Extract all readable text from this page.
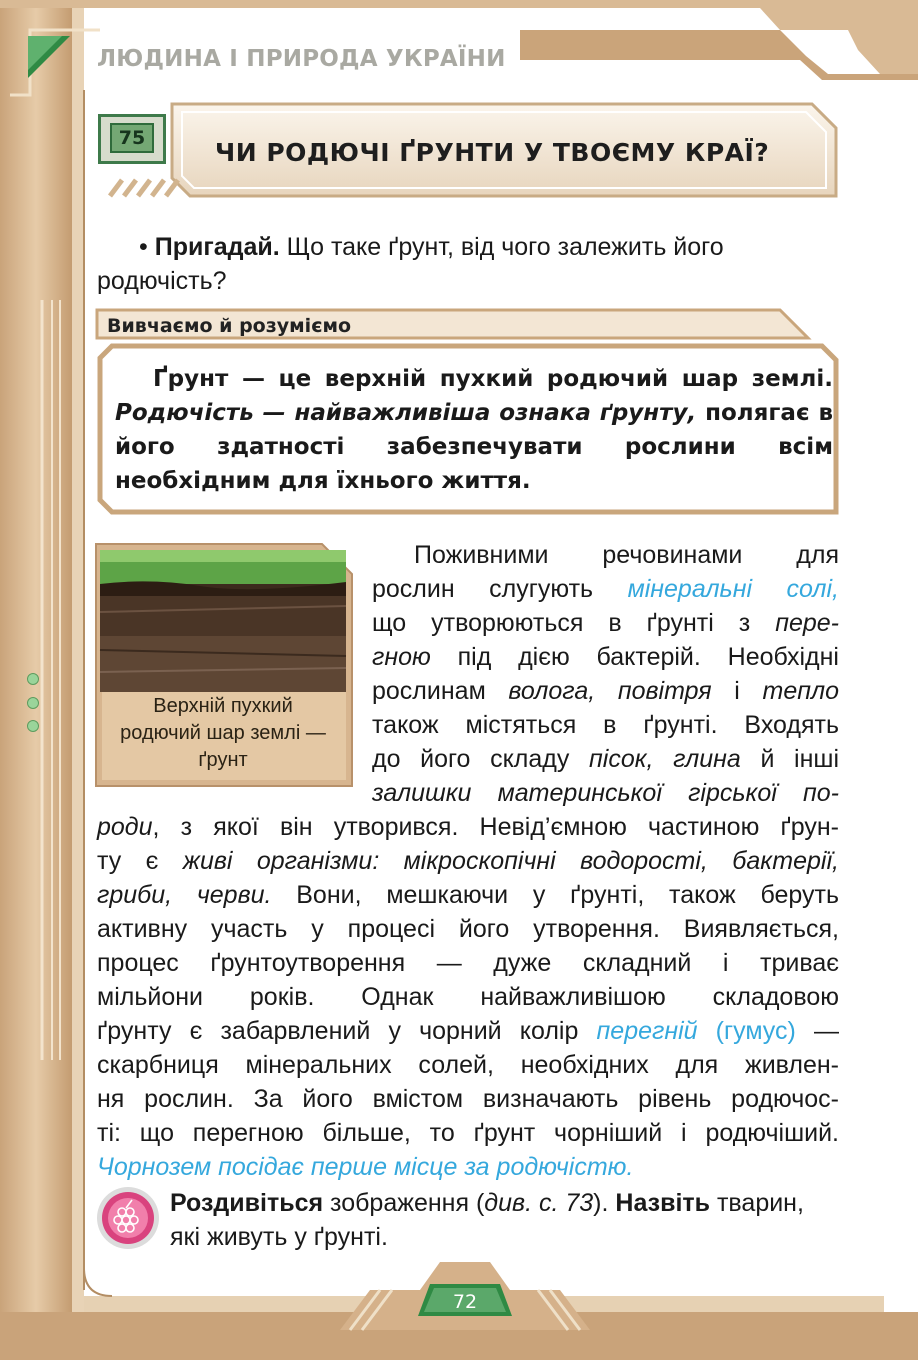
ЛЮДИНА І ПРИРОДА УКРАЇНИ
75	ЧИ РОДЮЧІ ҐРУНТИ У ТВОЄМУ КРАЇ?

• Пригадай. Що таке ґрунт, від чого залежить його родючість?

Вивчаємо й розуміємо
Ґрунт — це верхній пухкий родючий шар землі. Родючість — найважливіша ознака ґрунту, полягає в його здатності забезпечувати рослини всім необхідним для їхнього життя.
Верхній пухкий родючий шар землі — ґрунт
Поживними речовинами для
рослин слугують мінеральні солі,
що утворюються в ґрунті з пере-
гною під дією бактерій. Необхідні
рослинам волога, повітря і тепло
також містяться в ґрунті. Входять
до його складу пісок, глина й інші
залишки материнської гірської по-
роди, з якої він утворився. Невід’ємною частиною ґрун-
ту є живі організми: мікроскопічні водорості, бактерії,
гриби, черви. Вони, мешкаючи у ґрунті, також беруть
активну участь у процесі його утворення. Виявляється,
процес ґрунтоутворення — дуже складний і триває
мільйони років. Однак найважливішою складовою
ґрунту є забарвлений у чорний колір перегній (гумус) —
скарбниця мінеральних солей, необхідних для живлен-
ня рослин. За його вмістом визначають рівень родючос-
ті: що перегною більше, то ґрунт чорніший і родючіший.
Чорнозем посідає перше місце за родючістю.
Роздивіться зображення (див. с. 73). Назвіть тварин, які живуть у ґрунті.
72
